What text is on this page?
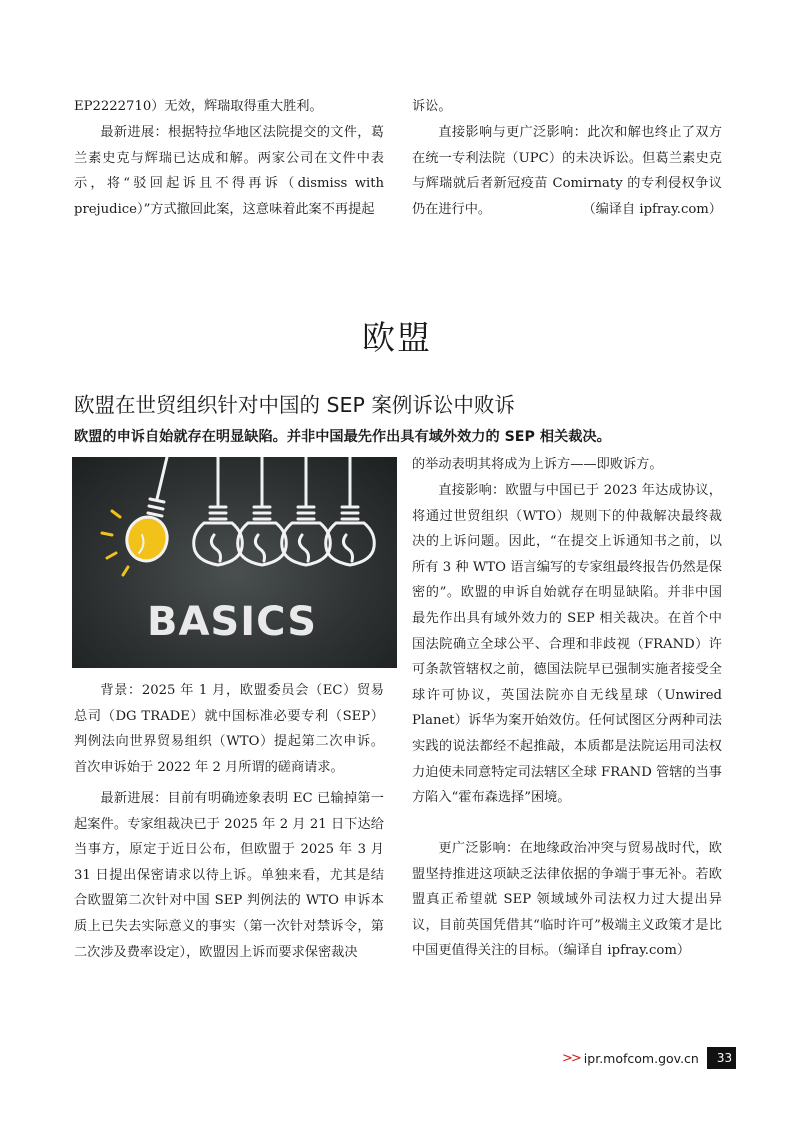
EP2222710）无效，辉瑞取得重大胜利。

最新进展：根据特拉华地区法院提交的文件，葛兰素史克与辉瑞已达成和解。两家公司在文件中表示，将“驳回起诉且不得再诉（dismiss with prejudice）”方式撤回此案，这意味着此案不再提起

诉讼。

直接影响与更广泛影响：此次和解也终止了双方在统一专利法院（UPC）的未决诉讼。但葛兰素史克与辉瑞就后者新冠疫苗 Comirnaty 的专利侵权争议仍在进行中。	（编译自 ipfray.com）

欧盟
欧盟在世贸组织针对中国的 SEP 案例诉讼中败诉
欧盟的申诉自始就存在明显缺陷。并非中国最先作出具有域外效力的 SEP 相关裁决。
BASICS

背景：2025 年 1 月，欧盟委员会（EC）贸易总司（DG TRADE）就中国标准必要专利（SEP）判例法向世界贸易组织（WTO）提起第二次申诉。首次申诉始于 2022 年 2 月所谓的磋商请求。

最新进展：目前有明确迹象表明 EC 已输掉第一起案件。专家组裁决已于 2025 年 2 月 21 日下达给当事方，原定于近日公布，但欧盟于 2025 年 3 月 31 日提出保密请求以待上诉。单独来看，尤其是结合欧盟第二次针对中国 SEP 判例法的 WTO 申诉本质上已失去实际意义的事实（第一次针对禁诉令，第二次涉及费率设定），欧盟因上诉而要求保密裁决

的举动表明其将成为上诉方——即败诉方。

直接影响：欧盟与中国已于 2023 年达成协议，将通过世贸组织（WTO）规则下的仲裁解决最终裁决的上诉问题。因此，“在提交上诉通知书之前，以所有 3 种 WTO 语言编写的专家组最终报告仍然是保密的”。欧盟的申诉自始就存在明显缺陷。并非中国最先作出具有域外效力的 SEP 相关裁决。在首个中国法院确立全球公平、合理和非歧视（FRAND）许可条款管辖权之前，德国法院早已强制实施者接受全球许可协议，英国法院亦自无线星球（Unwired Planet）诉华为案开始效仿。任何试图区分两种司法实践的说法都经不起推敲，本质都是法院运用司法权力迫使未同意特定司法辖区全球 FRAND 管辖的当事方陷入“霍布森选择”困境。

更广泛影响：在地缘政治冲突与贸易战时代，欧盟坚持推进这项缺乏法律依据的争端于事无补。若欧盟真正希望就 SEP 领域域外司法权力过大提出异议，目前英国凭借其“临时许可”极端主义政策才是比中国更值得关注的目标。（编译自 ipfray.com）

>> ipr.mofcom.gov.cn	33
